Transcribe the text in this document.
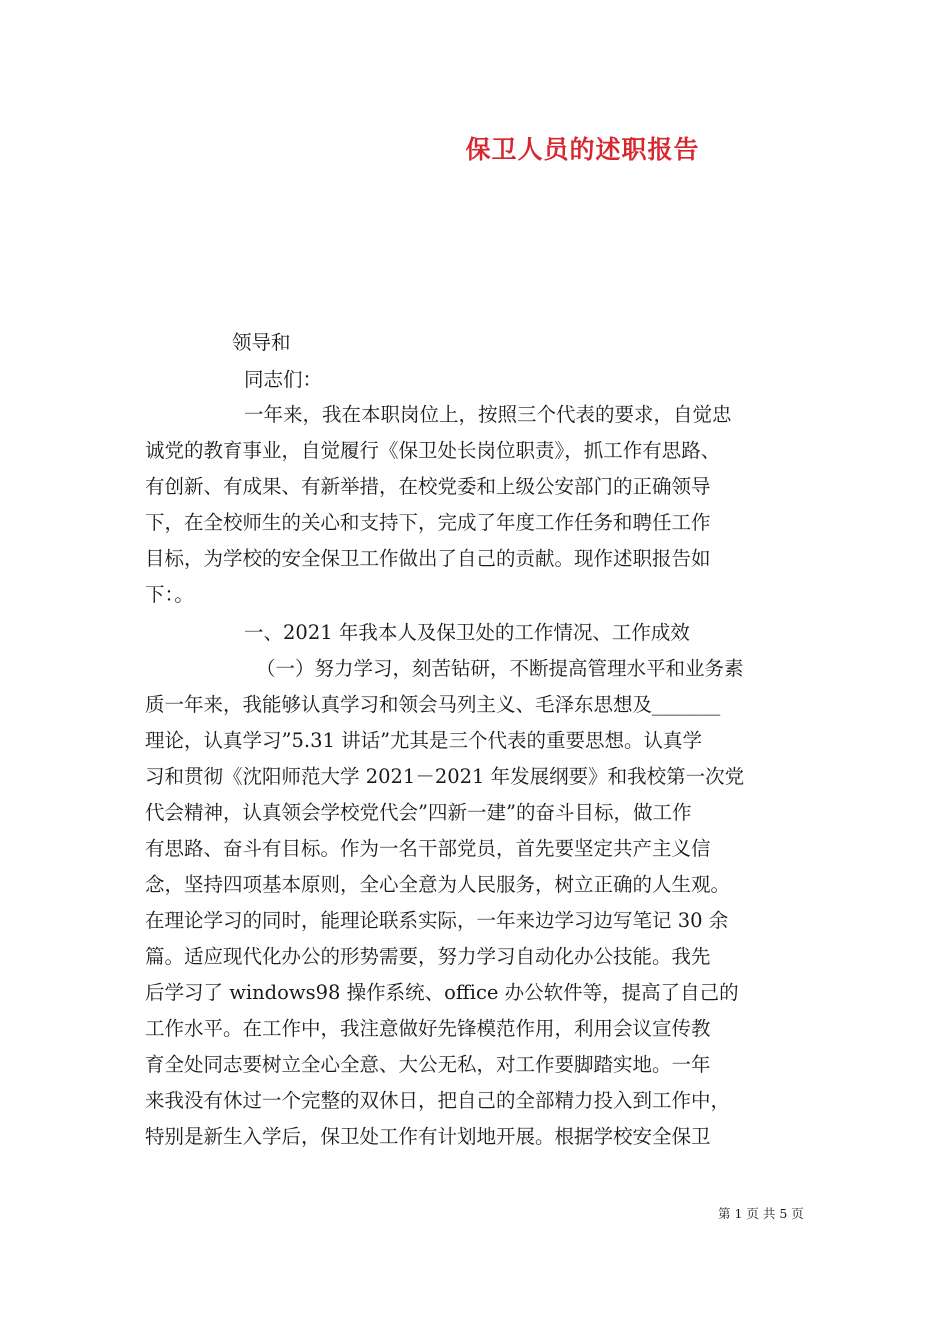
保卫人员的述职报告
领导和
同志们：
一年来，我在本职岗位上，按照三个代表的要求，自觉忠
诚党的教育事业，自觉履行《保卫处长岗位职责》，抓工作有思路、
有创新、有成果、有新举措，在校党委和上级公安部门的正确领导
下，在全校师生的关心和支持下，完成了年度工作任务和聘任工作
目标，为学校的安全保卫工作做出了自己的贡献。现作述职报告如
下：。
一、2021 年我本人及保卫处的工作情况、工作成效
（一）努力学习，刻苦钻研，不断提高管理水平和业务素
质一年来，我能够认真学习和领会马列主义、毛泽东思想及_______
理论，认真学习”5.31 讲话”尤其是三个代表的重要思想。认真学
习和贯彻《沈阳师范大学 2021－2021 年发展纲要》和我校第一次党
代会精神，认真领会学校党代会”四新一建”的奋斗目标，做工作
有思路、奋斗有目标。作为一名干部党员，首先要坚定共产主义信
念，坚持四项基本原则，全心全意为人民服务，树立正确的人生观。
在理论学习的同时，能理论联系实际，一年来边学习边写笔记 30 余
篇。适应现代化办公的形势需要，努力学习自动化办公技能。我先
后学习了 windows98 操作系统、office 办公软件等，提高了自己的
工作水平。在工作中，我注意做好先锋模范作用，利用会议宣传教
育全处同志要树立全心全意、大公无私，对工作要脚踏实地。一年
来我没有休过一个完整的双休日，把自己的全部精力投入到工作中，
特别是新生入学后，保卫处工作有计划地开展。根据学校安全保卫
第 1 页 共 5 页
